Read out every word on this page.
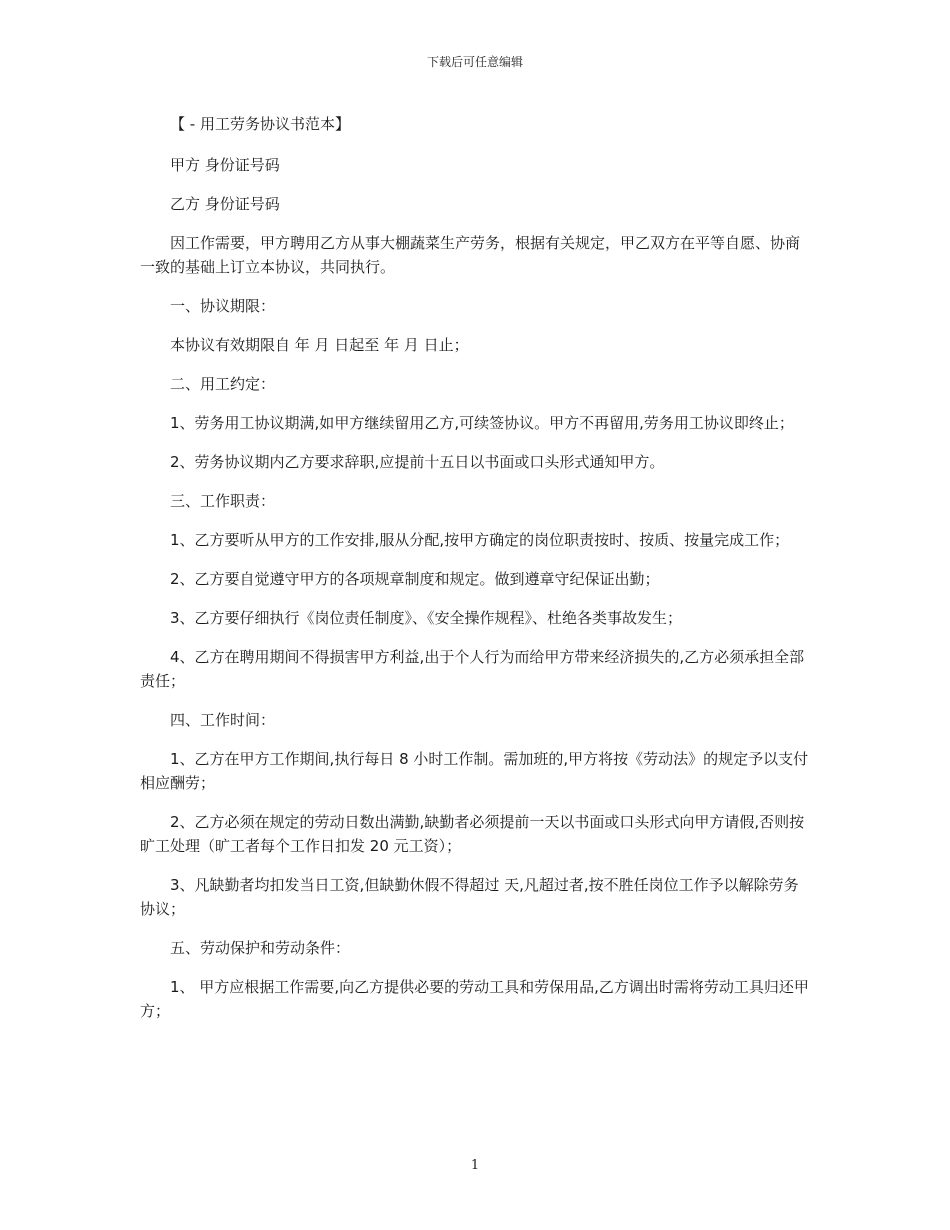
下载后可任意编辑

【 - 用工劳务协议书范本】

甲方 身份证号码

乙方 身份证号码

因工作需要，甲方聘用乙方从事大棚蔬菜生产劳务，根据有关规定，甲乙双方在平等自愿、协商一致的基础上订立本协议，共同执行。

一、协议期限：

本协议有效期限自 年 月 日起至 年 月 日止；

二、用工约定：

1、劳务用工协议期满,如甲方继续留用乙方,可续签协议。甲方不再留用,劳务用工协议即终止；

2、劳务协议期内乙方要求辞职,应提前十五日以书面或口头形式通知甲方。

三、工作职责：

1、乙方要听从甲方的工作安排,服从分配,按甲方确定的岗位职责按时、按质、按量完成工作；

2、乙方要自觉遵守甲方的各项规章制度和规定。做到遵章守纪保证出勤；

3、乙方要仔细执行《岗位责任制度》、《安全操作规程》、杜绝各类事故发生；

4、乙方在聘用期间不得损害甲方利益,出于个人行为而给甲方带来经济损失的,乙方必须承担全部责任；

四、工作时间：

1、乙方在甲方工作期间,执行每日 8 小时工作制。需加班的,甲方将按《劳动法》的规定予以支付相应酬劳；

2、乙方必须在规定的劳动日数出满勤,缺勤者必须提前一天以书面或口头形式向甲方请假,否则按旷工处理（旷工者每个工作日扣发 20 元工资）；

3、凡缺勤者均扣发当日工资,但缺勤休假不得超过 天,凡超过者,按不胜任岗位工作予以解除劳务协议；

五、劳动保护和劳动条件：

1、 甲方应根据工作需要,向乙方提供必要的劳动工具和劳保用品,乙方调出时需将劳动工具归还甲方；

1
